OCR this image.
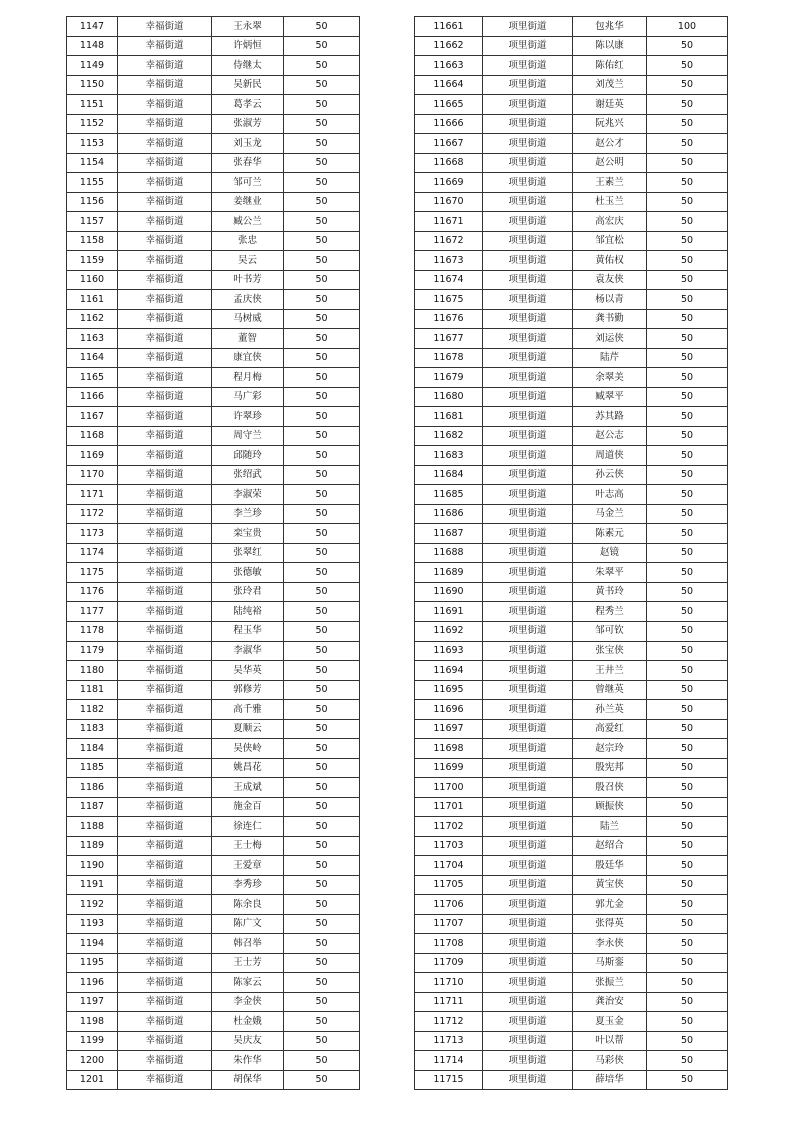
1147	幸福街道	王永翠	50
1148	幸福街道	许炳恒	50
1149	幸福街道	侍继太	50
1150	幸福街道	吴新民	50
1151	幸福街道	葛孝云	50
1152	幸福街道	张淑芳	50
1153	幸福街道	刘玉龙	50
1154	幸福街道	张春华	50
1155	幸福街道	邹可兰	50
1156	幸福街道	姜继业	50
1157	幸福街道	臧公兰	50
1158	幸福街道	张忠	50
1159	幸福街道	吴云	50
1160	幸福街道	叶书芳	50
1161	幸福街道	孟庆侠	50
1162	幸福街道	马树威	50
1163	幸福街道	董智	50
1164	幸福街道	康宜侠	50
1165	幸福街道	程月梅	50
1166	幸福街道	马广彩	50
1167	幸福街道	许翠珍	50
1168	幸福街道	周守兰	50
1169	幸福街道	邱随玲	50
1170	幸福街道	张绍武	50
1171	幸福街道	李淑荣	50
1172	幸福街道	李兰珍	50
1173	幸福街道	栾宝贵	50
1174	幸福街道	张翠红	50
1175	幸福街道	张德敏	50
1176	幸福街道	张玲君	50
1177	幸福街道	陆纯裕	50
1178	幸福街道	程玉华	50
1179	幸福街道	李淑华	50
1180	幸福街道	吴华英	50
1181	幸福街道	郭修芳	50
1182	幸福街道	高千雅	50
1183	幸福街道	夏顺云	50
1184	幸福街道	吴侠岭	50
1185	幸福街道	姚昌花	50
1186	幸福街道	王成斌	50
1187	幸福街道	施金百	50
1188	幸福街道	徐连仁	50
1189	幸福街道	王士梅	50
1190	幸福街道	王爱章	50
1191	幸福街道	李秀珍	50
1192	幸福街道	陈余良	50
1193	幸福街道	陈广文	50
1194	幸福街道	韩召举	50
1195	幸福街道	王士芳	50
1196	幸福街道	陈家云	50
1197	幸福街道	李金侠	50
1198	幸福街道	杜金娥	50
1199	幸福街道	吴庆友	50
1200	幸福街道	朱作华	50
1201	幸福街道	胡保华	50
11661	项里街道	包兆华	100
11662	项里街道	陈以康	50
11663	项里街道	陈佑红	50
11664	项里街道	刘茂兰	50
11665	项里街道	谢廷英	50
11666	项里街道	阮兆兴	50
11667	项里街道	赵公才	50
11668	项里街道	赵公明	50
11669	项里街道	王素兰	50
11670	项里街道	杜玉兰	50
11671	项里街道	高宏庆	50
11672	项里街道	邹宜松	50
11673	项里街道	黄佑权	50
11674	项里街道	袁友侠	50
11675	项里街道	杨以青	50
11676	项里街道	龚书勤	50
11677	项里街道	刘运侠	50
11678	项里街道	陆芹	50
11679	项里街道	余翠美	50
11680	项里街道	臧翠平	50
11681	项里街道	苏其路	50
11682	项里街道	赵公志	50
11683	项里街道	周道侠	50
11684	项里街道	孙云侠	50
11685	项里街道	叶志高	50
11686	项里街道	马金兰	50
11687	项里街道	陈素元	50
11688	项里街道	赵镜	50
11689	项里街道	朱翠平	50
11690	项里街道	黄书玲	50
11691	项里街道	程秀兰	50
11692	项里街道	邹可钦	50
11693	项里街道	张宝侠	50
11694	项里街道	王井兰	50
11695	项里街道	曾继英	50
11696	项里街道	孙兰英	50
11697	项里街道	高爱红	50
11698	项里街道	赵宗玲	50
11699	项里街道	殷宪邦	50
11700	项里街道	殷召侠	50
11701	项里街道	顾振侠	50
11702	项里街道	陆兰	50
11703	项里街道	赵绍合	50
11704	项里街道	殷廷华	50
11705	项里街道	黄宝侠	50
11706	项里街道	郭尤金	50
11707	项里街道	张得英	50
11708	项里街道	李永侠	50
11709	项里街道	马斯銮	50
11710	项里街道	张振兰	50
11711	项里街道	龚治安	50
11712	项里街道	夏玉金	50
11713	项里街道	叶以帮	50
11714	项里街道	马彩侠	50
11715	项里街道	薛培华	50
